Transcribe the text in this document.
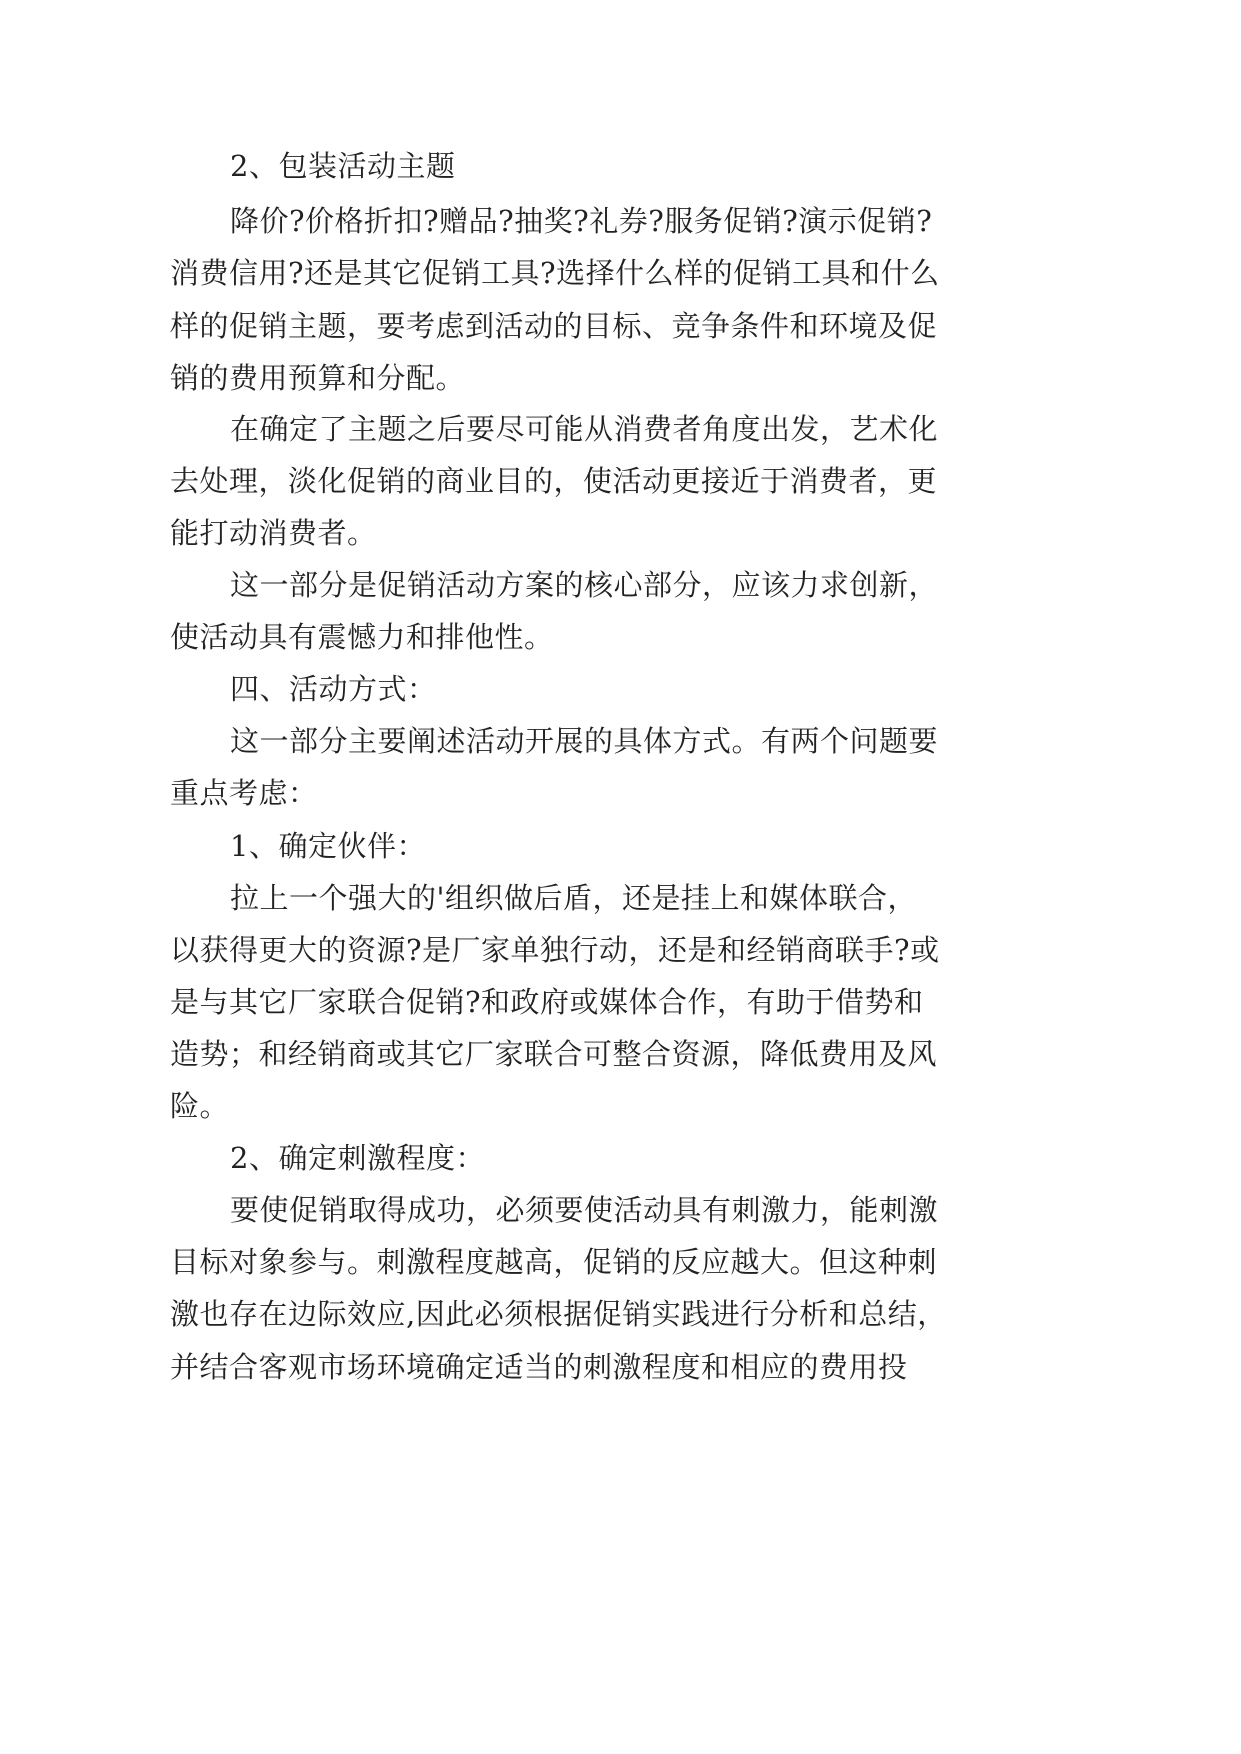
2、包装活动主题
降价?价格折扣?赠品?抽奖?礼券?服务促销?演示促销?
消费信用?还是其它促销工具?选择什么样的促销工具和什么
样的促销主题，要考虑到活动的目标、竞争条件和环境及促
销的费用预算和分配。
在确定了主题之后要尽可能从消费者角度出发，艺术化
去处理，淡化促销的商业目的，使活动更接近于消费者，更
能打动消费者。
这一部分是促销活动方案的核心部分，应该力求创新，
使活动具有震憾力和排他性。
四、活动方式：
这一部分主要阐述活动开展的具体方式。有两个问题要
重点考虑：
1、确定伙伴：
拉上一个强大的'组织做后盾，还是挂上和媒体联合，
以获得更大的资源?是厂家单独行动，还是和经销商联手?或
是与其它厂家联合促销?和政府或媒体合作，有助于借势和
造势；和经销商或其它厂家联合可整合资源，降低费用及风
险。
2、确定刺激程度：
要使促销取得成功，必须要使活动具有刺激力，能刺激
目标对象参与。刺激程度越高，促销的反应越大。但这种刺
激也存在边际效应,因此必须根据促销实践进行分析和总结，
并结合客观市场环境确定适当的刺激程度和相应的费用投
